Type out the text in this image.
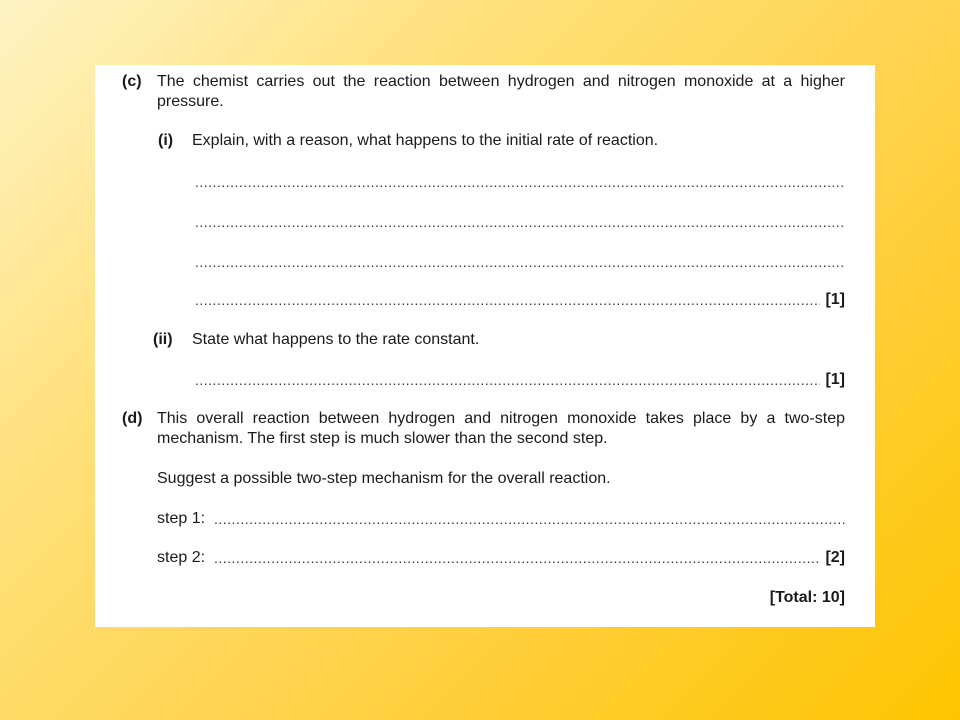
(c) The chemist carries out the reaction between hydrogen and nitrogen monoxide at a higher pressure.
(i) Explain, with a reason, what happens to the initial rate of reaction.
.....
.....
.....
.....
[1]
(ii) State what happens to the rate constant.
.....
[1]
(d) This overall reaction between hydrogen and nitrogen monoxide takes place by a two-step mechanism. The first step is much slower than the second step.
Suggest a possible two-step mechanism for the overall reaction.
step 1:
.....
step 2:
.....	[2]
[Total: 10]
